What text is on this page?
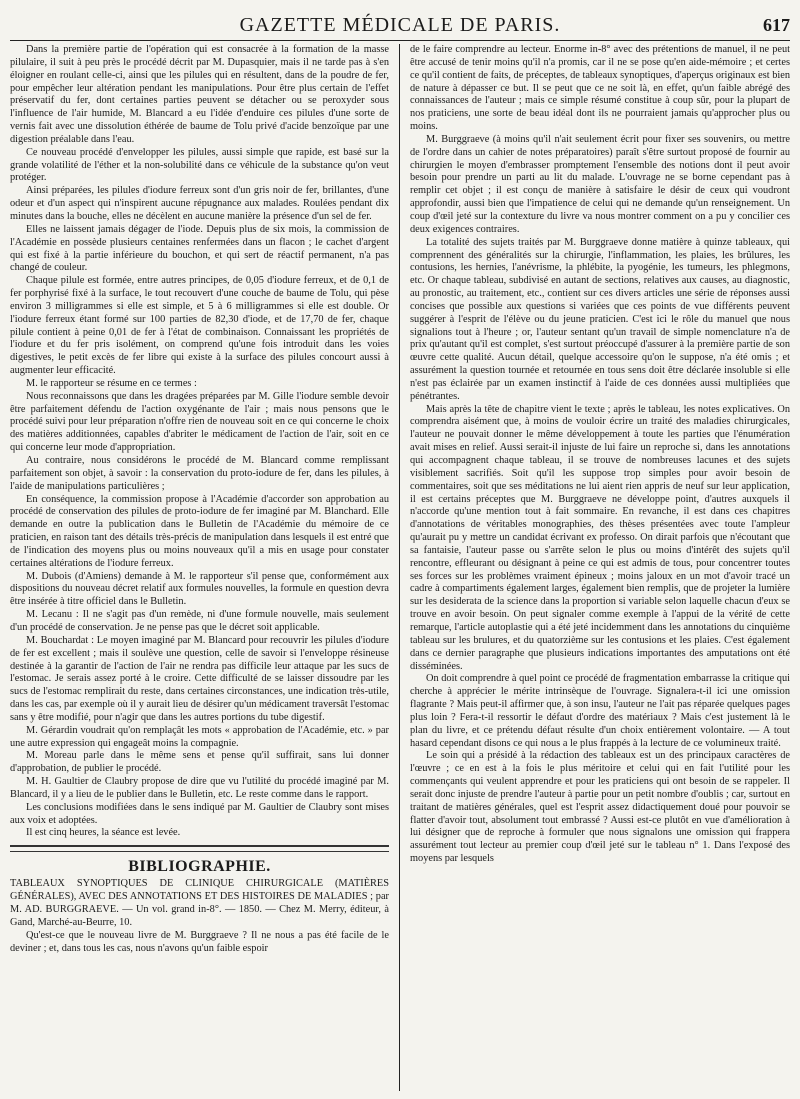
GAZETTE MÉDICALE DE PARIS.	617

Dans la première partie de l'opération qui est consacrée à la formation de la masse pilulaire, il suit à peu près le procédé décrit par M. Dupasquier, mais il ne tarde pas à s'en éloigner en roulant celle-ci, ainsi que les pilules qui en résultent, dans de la poudre de fer, pour empêcher leur altération pendant les manipulations. Pour être plus certain de l'effet préservatif du fer, dont certaines parties peuvent se détacher ou se peroxyder sous l'influence de l'air humide, M. Blancard a eu l'idée d'enduire ces pilules d'une sorte de vernis fait avec une dissolution éthérée de baume de Tolu privé d'acide benzoïque par une digestion préalable dans l'eau.

Ce nouveau procédé d'envelopper les pilules, aussi simple que rapide, est basé sur la grande volatilité de l'éther et la non-solubilité dans ce véhicule de la substance qu'on veut protéger.

Ainsi préparées, les pilules d'iodure ferreux sont d'un gris noir de fer, brillantes, d'une odeur et d'un aspect qui n'inspirent aucune répugnance aux malades. Roulées pendant dix minutes dans la bouche, elles ne décèlent en aucune manière la présence d'un sel de fer.

Elles ne laissent jamais dégager de l'iode. Depuis plus de six mois, la commission de l'Académie en possède plusieurs centaines renfermées dans un flacon ; le cachet d'argent qui est fixé à la partie inférieure du bouchon, et qui sert de réactif permanent, n'a pas changé de couleur.

Chaque pilule est formée, entre autres principes, de 0,05 d'iodure ferreux, et de 0,1 de fer porphyrisé fixé à la surface, le tout recouvert d'une couche de baume de Tolu, qui pèse environ 3 milligrammes si elle est simple, et 5 à 6 milligrammes si elle est double. Or l'iodure ferreux étant formé sur 100 parties de 82,30 d'iode, et de 17,70 de fer, chaque pilule contient à peine 0,01 de fer à l'état de combinaison. Connaissant les propriétés de l'iodure et du fer pris isolément, on comprend qu'une fois introduit dans les voies digestives, le petit excès de fer libre qui existe à la surface des pilules concourt aussi à augmenter leur efficacité.

M. le rapporteur se résume en ce termes :

Nous reconnaissons que dans les dragées préparées par M. Gille l'iodure semble devoir être parfaitement défendu de l'action oxygénante de l'air ; mais nous pensons que le procédé suivi pour leur préparation n'offre rien de nouveau soit en ce qui concerne le choix des matières additionnées, capables d'abriter le médicament de l'action de l'air, soit en ce qui concerne leur mode d'appropriation.

Au contraire, nous considérons le procédé de M. Blancard comme remplissant parfaitement son objet, à savoir : la conservation du proto-iodure de fer, dans les pilules, à l'aide de manipulations particulières ;

En conséquence, la commission propose à l'Académie d'accorder son approbation au procédé de conservation des pilules de proto-iodure de fer imaginé par M. Blanchard. Elle demande en outre la publication dans le Bulletin de l'Académie du mémoire de ce praticien, en raison tant des détails très-précis de manipulation dans lesquels il est entré que de l'indication des moyens plus ou moins nouveaux qu'il a mis en usage pour constater certaines altérations de l'iodure ferreux.

M. Dubois (d'Amiens) demande à M. le rapporteur s'il pense que, conformément aux dispositions du nouveau décret relatif aux formules nouvelles, la formule en question devra être insérée à titre officiel dans le Bulletin.

M. Lecanu : Il ne s'agit pas d'un remède, ni d'une formule nouvelle, mais seulement d'un procédé de conservation. Je ne pense pas que le décret soit applicable.

M. Bouchardat : Le moyen imaginé par M. Blancard pour recouvrir les pilules d'iodure de fer est excellent ; mais il soulève une question, celle de savoir si l'enveloppe résineuse destinée à la garantir de l'action de l'air ne rendra pas difficile leur attaque par les sucs de l'estomac. Je serais assez porté à le croire. Cette difficulté de se laisser dissoudre par les sucs de l'estomac remplirait du reste, dans certaines circonstances, une indication très-utile, dans les cas, par exemple où il y aurait lieu de désirer qu'un médicament traversât l'estomac sans y être modifié, pour n'agir que dans les autres portions du tube digestif.

M. Gérardin voudrait qu'on remplaçât les mots « approbation de l'Académie, etc. » par une autre expression qui engageât moins la compagnie.

M. Moreau parle dans le même sens et pense qu'il suffirait, sans lui donner d'approbation, de publier le procédé.

M. H. Gaultier de Claubry propose de dire que vu l'utilité du procédé imaginé par M. Blancard, il y a lieu de le publier dans le Bulletin, etc. Le reste comme dans le rapport.

Les conclusions modifiées dans le sens indiqué par M. Gaultier de Claubry sont mises aux voix et adoptées.

Il est cinq heures, la séance est levée.

BIBLIOGRAPHIE.

TABLEAUX SYNOPTIQUES DE CLINIQUE CHIRURGICALE (MATIÈRES GÉNÉRALES), AVEC DES ANNOTATIONS ET DES HISTOIRES DE MALADIES ; par M. AD. BURGGRAEVE. — Un vol. grand in-8°. — 1850. — Chez M. Merry, éditeur, à Gand, Marché-au-Beurre, 10.

Qu'est-ce que le nouveau livre de M. Burggraeve ? Il ne nous a pas été facile de le deviner ; et, dans tous les cas, nous n'avons qu'un faible espoir

de le faire comprendre au lecteur. Enorme in-8° avec des prétentions de manuel, il ne peut être accusé de tenir moins qu'il n'a promis, car il ne se pose qu'en aide-mémoire ; et certes ce qu'il contient de faits, de préceptes, de tableaux synoptiques, d'aperçus originaux est bien de nature à dépasser ce but. Il se peut que ce ne soit là, en effet, qu'un faible abrégé des connaissances de l'auteur ; mais ce simple résumé constitue à coup sûr, pour la plupart de nos praticiens, une sorte de beau idéal dont ils ne pourraient jamais qu'approcher plus ou moins.

M. Burggraeve (à moins qu'il n'ait seulement écrit pour fixer ses souvenirs, ou mettre de l'ordre dans un cahier de notes préparatoires) paraît s'être surtout proposé de fournir au chirurgien le moyen d'embrasser promptement l'ensemble des notions dont il peut avoir besoin pour prendre un parti au lit du malade. L'ouvrage ne se borne cependant pas à remplir cet objet ; il est conçu de manière à satisfaire le désir de ceux qui voudront approfondir, aussi bien que l'impatience de celui qui ne demande qu'un renseignement. Un coup d'œil jeté sur la contexture du livre va nous montrer comment on a pu y concilier ces deux exigences contraires.

La totalité des sujets traités par M. Burggraeve donne matière à quinze tableaux, qui comprennent des généralités sur la chirurgie, l'inflammation, les plaies, les brûlures, les contusions, les hernies, l'anévrisme, la phlébite, la pyogénie, les tumeurs, les phlegmons, etc. Or chaque tableau, subdivisé en autant de sections, relatives aux causes, au diagnostic, au pronostic, au traitement, etc., contient sur ces divers articles une série de réponses aussi concises que possible aux questions si variées que ces points de vue différents peuvent suggérer à l'esprit de l'élève ou du jeune praticien. C'est ici le rôle du manuel que nous signalions tout à l'heure ; or, l'auteur sentant qu'un travail de simple nomenclature n'a de prix qu'autant qu'il est complet, s'est surtout préoccupé d'assurer à la première partie de son œuvre cette qualité. Aucun détail, quelque accessoire qu'on le suppose, n'a été omis ; et assurément la question tournée et retournée en tous sens doit être déclarée insoluble si elle n'est pas éclairée par un examen instinctif à l'aide de ces données aussi multipliées que pénétrantes.

Mais après la tête de chapitre vient le texte ; après le tableau, les notes explicatives. On comprendra aisément que, à moins de vouloir écrire un traité des maladies chirurgicales, l'auteur ne pouvait donner le même développement à toute les parties que l'énumération avait mises en relief. Aussi serait-il injuste de lui faire un reproche si, dans les annotations qui accompagnent chaque tableau, il se trouve de nombreuses lacunes et des sujets visiblement sacrifiés. Soit qu'il les suppose trop simples pour avoir besoin de commentaires, soit que ses méditations ne lui aient rien appris de neuf sur leur application, il est certains préceptes que M. Burggraeve ne développe point, d'autres auxquels il n'accorde qu'une mention tout à fait sommaire. En revanche, il est dans ces chapitres d'annotations de véritables monographies, des thèses présentées avec toute l'ampleur qu'aurait pu y mettre un candidat écrivant ex professo. On dirait parfois que n'écoutant que sa fantaisie, l'auteur passe ou s'arrête selon le plus ou moins d'intérêt des sujets qu'il rencontre, effleurant ou désignant à peine ce qui est admis de tous, pour concentrer toutes ses forces sur les problèmes vraiment épineux ; moins jaloux en un mot d'avoir tracé un cadre à compartiments également larges, également bien remplis, que de projeter la lumière sur les desiderata de la science dans la proportion si variable selon laquelle chacun d'eux se trouve en avoir besoin. On peut signaler comme exemple à l'appui de la vérité de cette remarque, l'article autoplastie qui a été jeté incidemment dans les annotations du cinquième tableau sur les brulures, et du quatorzième sur les contusions et les plaies. C'est également dans ce dernier paragraphe que plusieurs indications importantes des amputations ont été disséminées.

On doit comprendre à quel point ce procédé de fragmentation embarrasse la critique qui cherche à apprécier le mérite intrinsèque de l'ouvrage. Signalera-t-il ici une omission flagrante ? Mais peut-il affirmer que, à son insu, l'auteur ne l'ait pas réparée quelques pages plus loin ? Fera-t-il ressortir le défaut d'ordre des matériaux ? Mais c'est justement là le plan du livre, et ce prétendu défaut résulte d'un choix entièrement volontaire. — A tout hasard cependant disons ce qui nous a le plus frappés à la lecture de ce volumineux traité.

Le soin qui a présidé à la rédaction des tableaux est un des principaux caractères de l'œuvre ; ce en est à la fois le plus méritoire et celui qui en fait l'utilité pour les commençants qui veulent apprendre et pour les praticiens qui ont besoin de se rappeler. Il serait donc injuste de prendre l'auteur à partie pour un petit nombre d'oublis ; car, surtout en traitant de matières générales, quel est l'esprit assez didactiquement doué pour pouvoir se flatter d'avoir tout, absolument tout embrassé ? Aussi est-ce plutôt en vue d'amélioration à lui désigner que de reproche à formuler que nous signalons une omission qui frappera assurément tout lecteur au premier coup d'œil jeté sur le tableau n° 1. Dans l'exposé des moyens par lesquels
